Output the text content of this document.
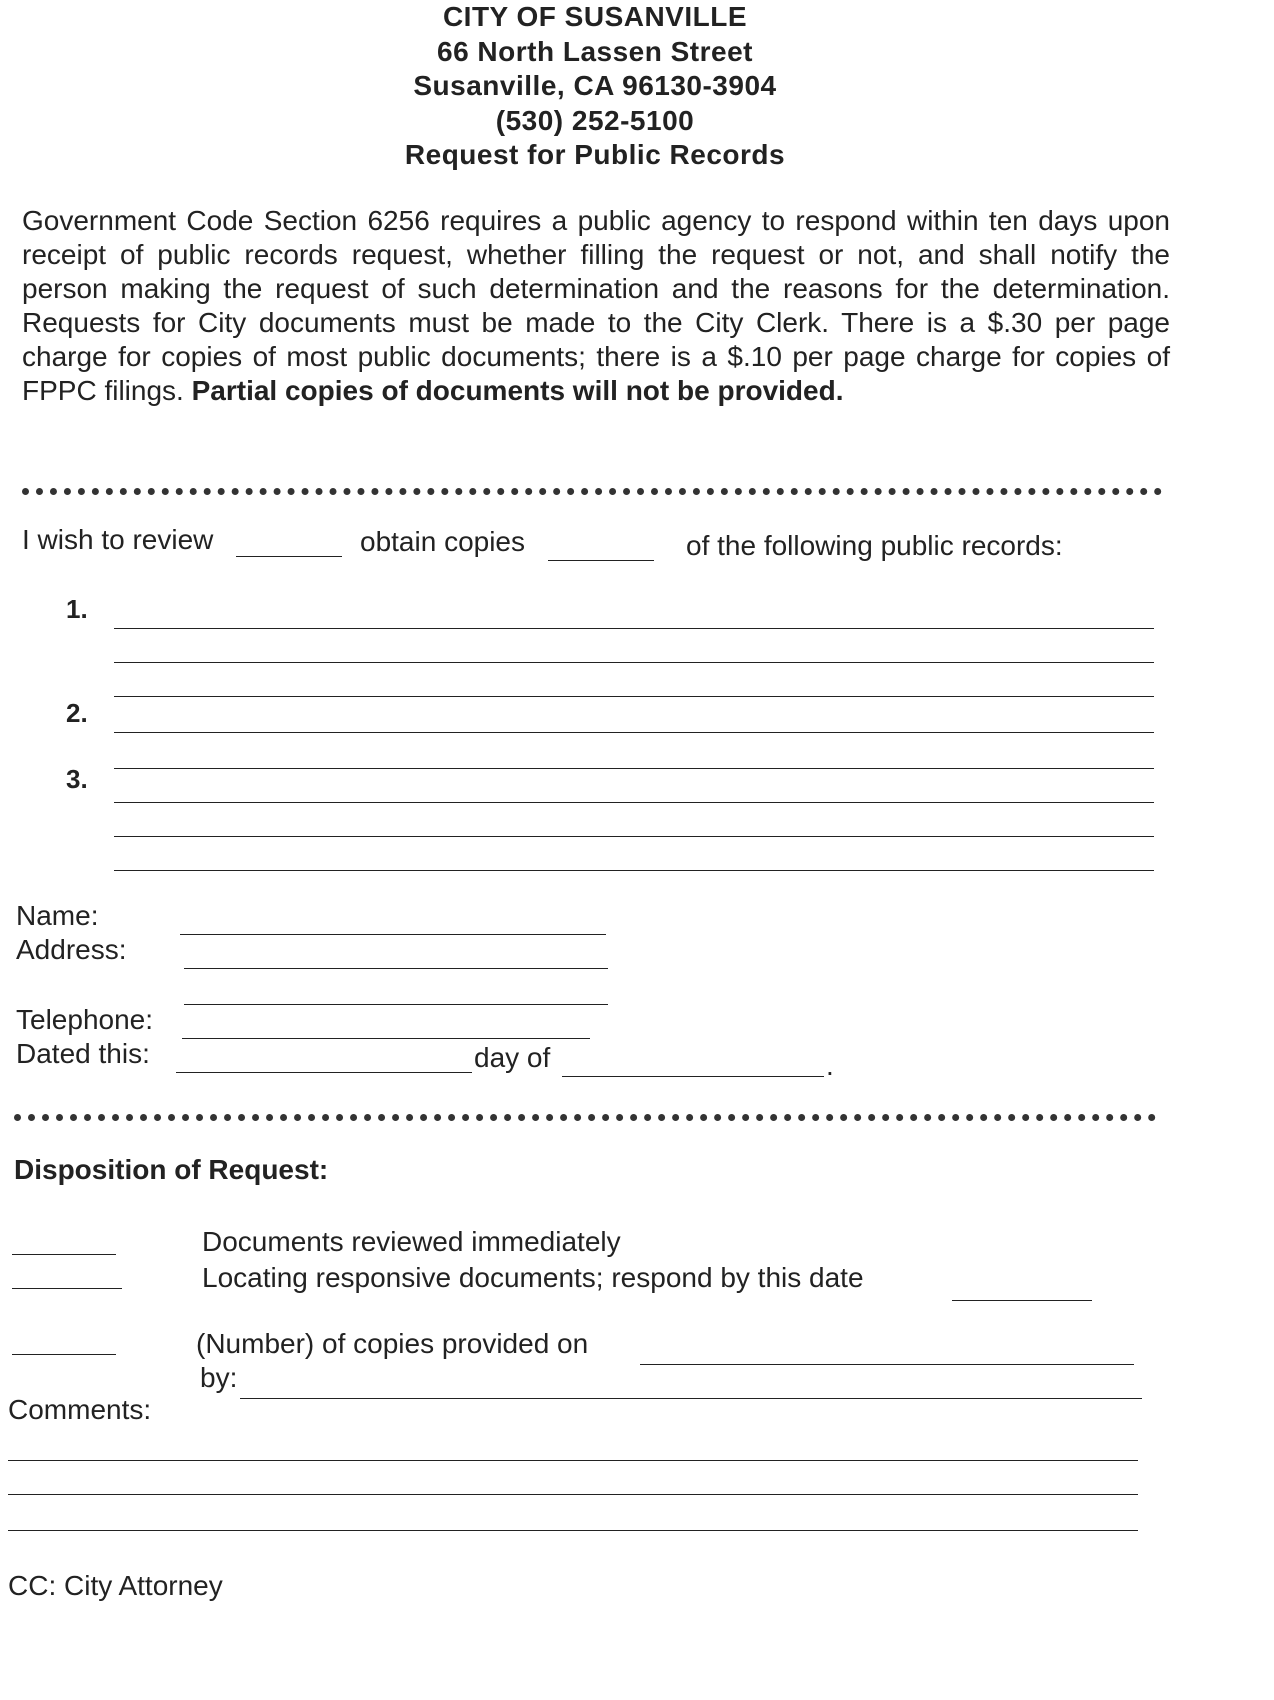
CITY OF SUSANVILLE
66 North Lassen Street
Susanville, CA 96130-3904
(530) 252-5100
Request for Public Records
Government Code Section 6256 requires a public agency to respond within ten days upon receipt of public records request, whether filling the request or not, and shall notify the person making the request of such determination and the reasons for the determination. Requests for City documents must be made to the City Clerk. There is a $.30 per page charge for copies of most public documents; there is a $.10 per page charge for copies of FPPC filings. Partial copies of documents will not be provided.
I wish to review	obtain copies	of the following public records:
1.
2.
3.
Name:
Address:
Telephone:
Dated this:	day of	.
Disposition of Request:
Documents reviewed immediately
Locating responsive documents; respond by this date
(Number) of copies provided on
by:
Comments:
CC: City Attorney
